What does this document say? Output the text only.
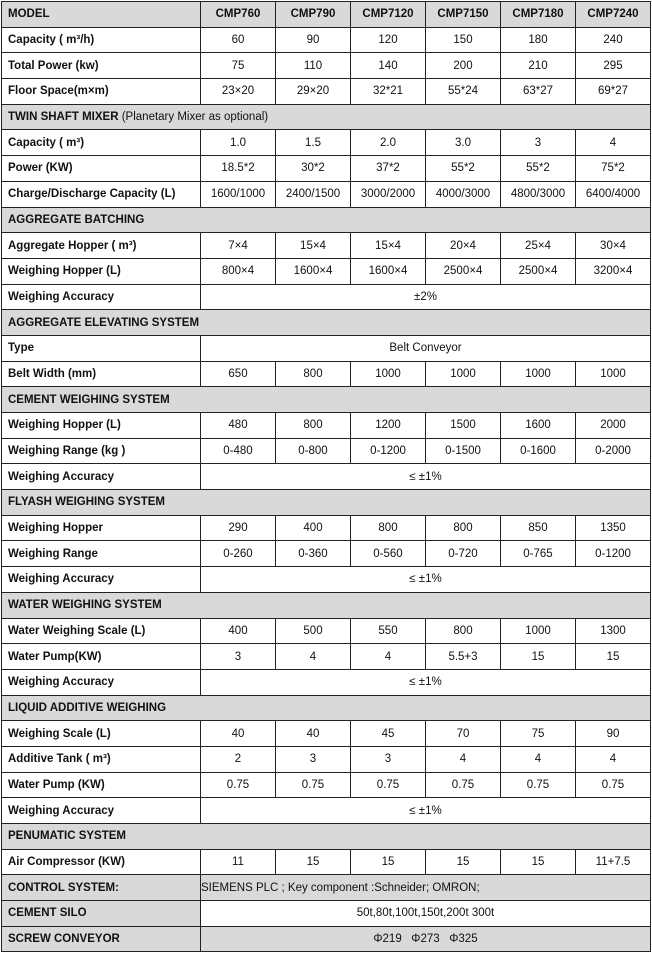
MODEL	CMP760	CMP790	CMP7120	CMP7150	CMP7180	CMP7240
Capacity ( m³/h)	60	90	120	150	180	240
Total Power (kw)	75	110	140	200	210	295
Floor Space(m×m)	23×20	29×20	32*21	55*24	63*27	69*27
TWIN SHAFT MIXER (Planetary Mixer as optional)						
Capacity ( m³)	1.0	1.5	2.0	3.0	3	4
Power (KW)	18.5*2	30*2	37*2	55*2	55*2	75*2
Charge/Discharge Capacity (L)	1600/1000	2400/1500	3000/2000	4000/3000	4800/3000	6400/4000
AGGREGATE BATCHING						
Aggregate Hopper ( m³)	7×4	15×4	15×4	20×4	25×4	30×4
Weighing Hopper (L)	800×4	1600×4	1600×4	2500×4	2500×4	3200×4
Weighing Accuracy	±2%					
AGGREGATE ELEVATING SYSTEM						
Type	Belt Conveyor					
Belt Width (mm)	650	800	1000	1000	1000	1000
CEMENT WEIGHING SYSTEM						
Weighing Hopper (L)	480	800	1200	1500	1600	2000
Weighing Range (kg )	0-480	0-800	0-1200	0-1500	0-1600	0-2000
Weighing Accuracy	≤ ±1%					
FLYASH WEIGHING SYSTEM						
Weighing Hopper	290	400	800	800	850	1350
Weighing Range	0-260	0-360	0-560	0-720	0-765	0-1200
Weighing Accuracy	≤ ±1%					
WATER WEIGHING SYSTEM						
Water Weighing Scale (L)	400	500	550	800	1000	1300
Water Pump(KW)	3	4	4	5.5+3	15	15
Weighing Accuracy	≤ ±1%					
LIQUID ADDITIVE WEIGHING						
Weighing Scale (L)	40	40	45	70	75	90
Additive Tank ( m³)	2	3	3	4	4	4
Water Pump (KW)	0.75	0.75	0.75	0.75	0.75	0.75
Weighing Accuracy	≤ ±1%					
PENUMATIC SYSTEM						
Air Compressor (KW)	11	15	15	15	15	11+7.5
CONTROL SYSTEM:	SIEMENS PLC ; Key component :Schneider; OMRON;					
CEMENT SILO	50t,80t,100t,150t,200t 300t					
SCREW CONVEYOR	Φ219   Φ273   Φ325					
